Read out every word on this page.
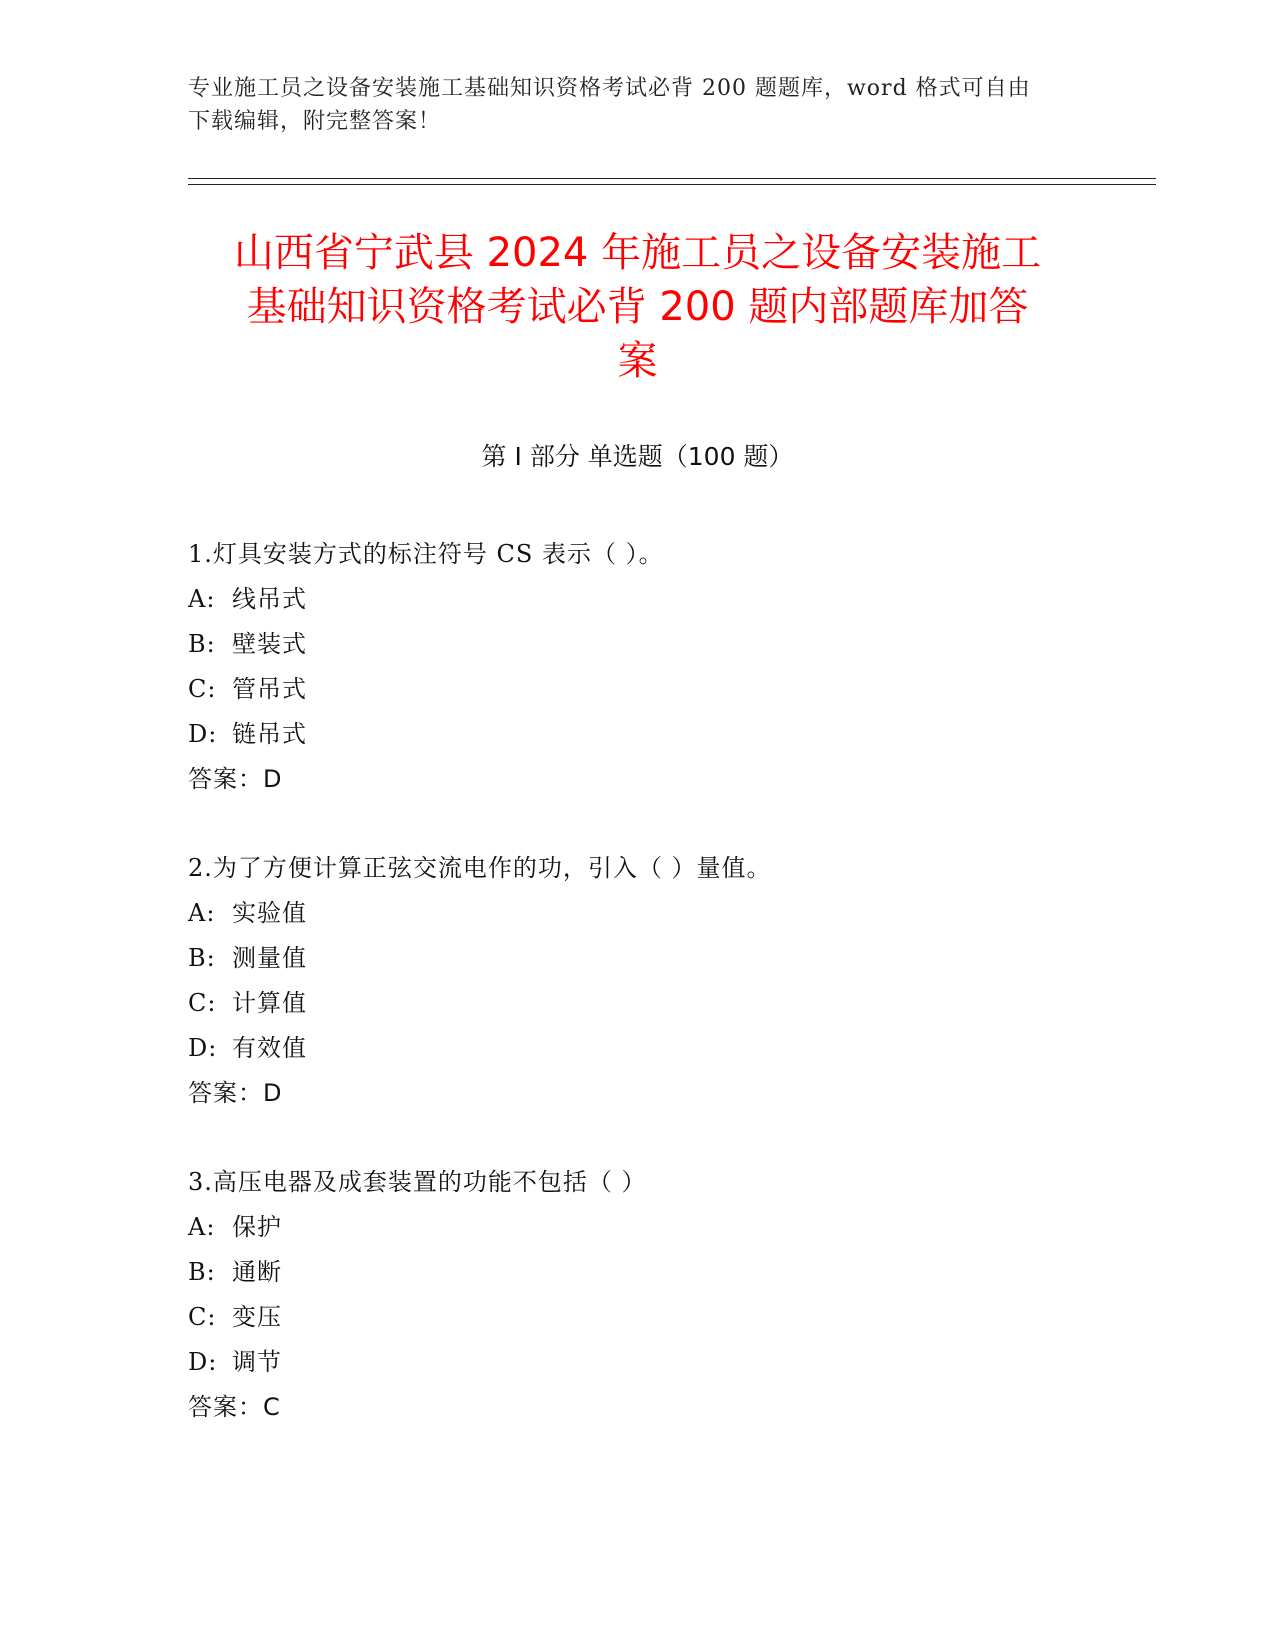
专业施工员之设备安装施工基础知识资格考试必背 200 题题库，word 格式可自由
下载编辑，附完整答案！
山西省宁武县 2024 年施工员之设备安装施工
基础知识资格考试必背 200 题内部题库加答
案
第 I 部分 单选题（100 题）
1.灯具安装方式的标注符号 CS 表示（ ）。
A: 线吊式
B: 壁装式
C: 管吊式
D: 链吊式
答案：D
2.为了方便计算正弦交流电作的功，引入（ ）量值。
A: 实验值
B: 测量值
C: 计算值
D: 有效值
答案：D
3.高压电器及成套装置的功能不包括（ ）
A: 保护
B: 通断
C: 变压
D: 调节
答案：C
